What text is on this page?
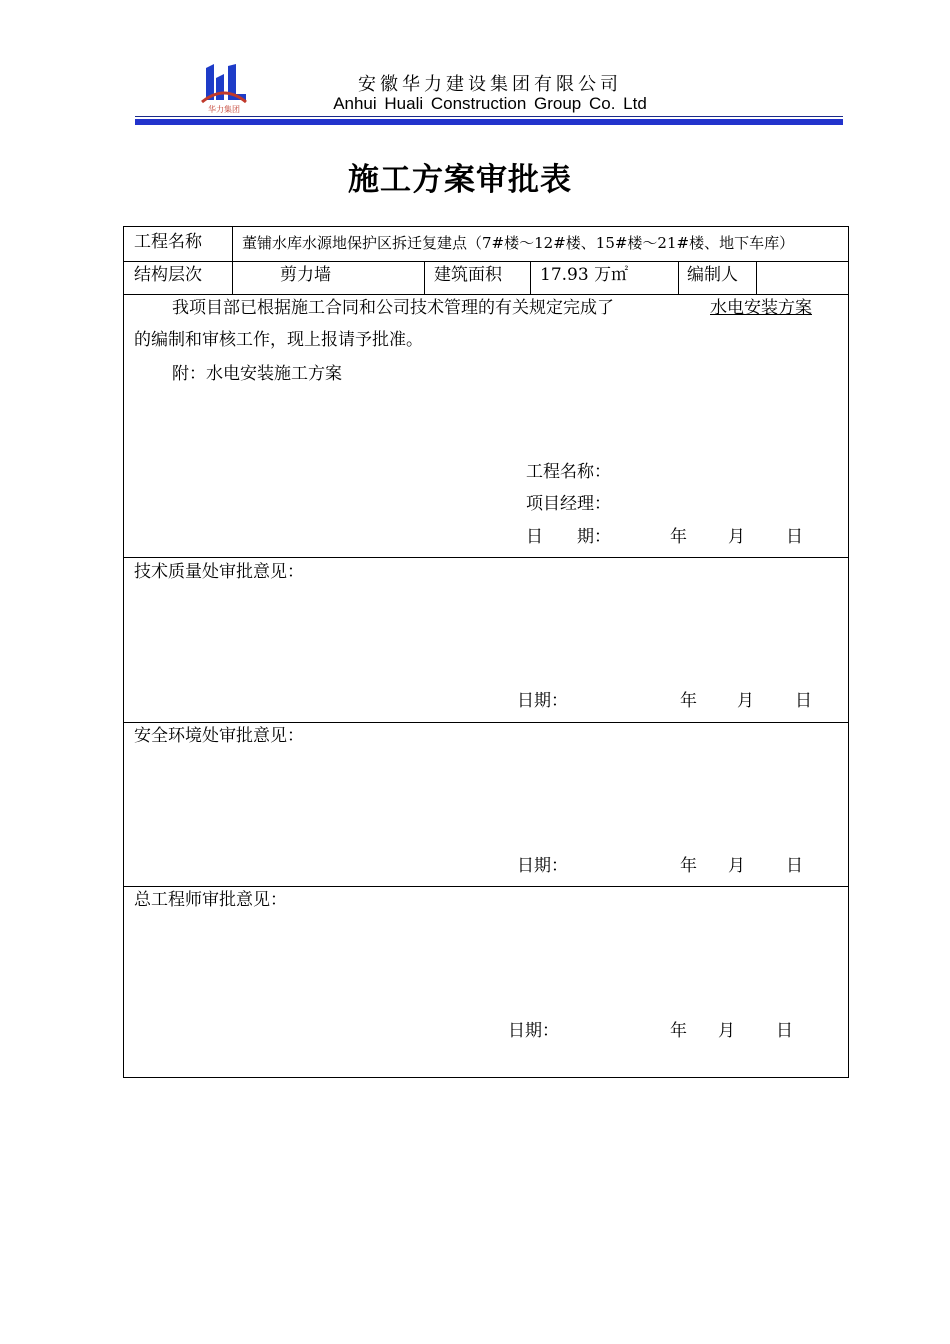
华力集团
安徽华力建设集团有限公司
Anhui Huali Construction Group Co. Ltd
施工方案审批表
工程名称	董铺水库水源地保护区拆迁复建点（7#楼～12#楼、15#楼～21#楼、地下车库）
结构层次	剪力墙	建筑面积 17.93 万㎡	编制人
我项目部已根据施工合同和公司技术管理的有关规定完成了	水电安装方案
的编制和审核工作，现上报请予批准。
附：水电安装施工方案
工程名称：
项目经理：
日　　期：	年 月 日
技术质量处审批意见：
日期：	年 月 日
安全环境处审批意见：
日期：	年 月 日
总工程师审批意见：
日期：	年 月 日
